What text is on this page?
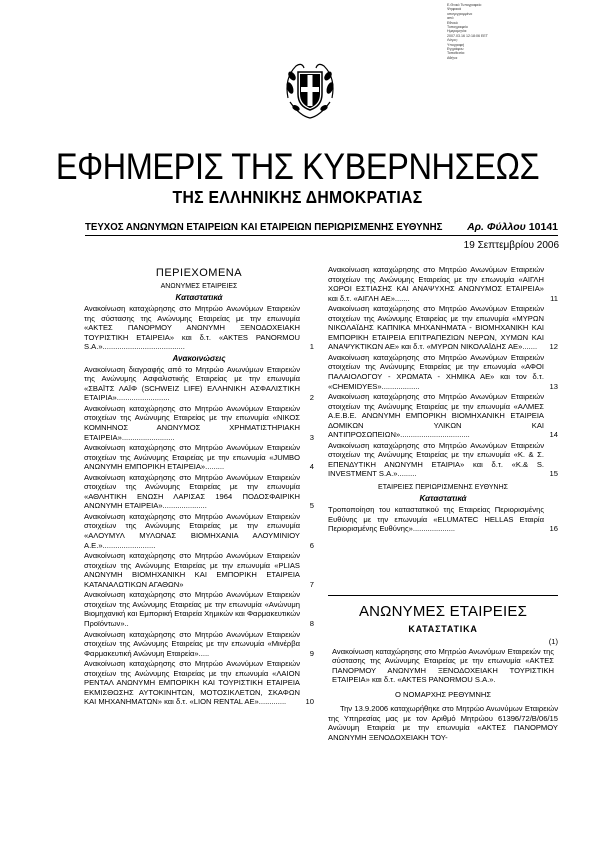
Ε.Θνικό Τυπογραφείο
Ψηφιακά
υπογεγραμμένο
από
Εθνικό
Τυπογραφείο
Ημερομηνία:
2007.03.16 12:18:06 EET
Λόγος:
Υπογραφή
Εγγράφου
Τοποθεσία:
Αθήνα
ΕΦΗΜΕΡΙΣ ΤΗΣ ΚΥΒΕΡΝΗΣΕΩΣ
ΤΗΣ ΕΛΛΗΝΙΚΗΣ ΔΗΜΟΚΡΑΤΙΑΣ
ΤΕΥΧΟΣ ΑΝΩΝΥΜΩΝ ΕΤΑΙΡΕΙΩΝ ΚΑΙ ΕΤΑΙΡΕΙΩΝ ΠΕΡΙΩΡΙΣΜΕΝΗΣ ΕΥΘΥΝΗΣ Αρ. Φύλλου 10141
19 Σεπτεμβρίου 2006
ΠΕΡΙΕΧΟΜΕΝΑ
ΑΝΩΝΥΜΕΣ ΕΤΑΙΡΕΙΕΣ
Καταστατικά
Ανακοίνωση καταχώρησης στο Μητρώο Ανωνύμων Εταιρειών της σύστασης της Ανώνυμης Εταιρείας με την επωνυμία «ΑΚΤΕΣ ΠΑΝΟΡΜΟΥ ΑΝΩΝΥΜΗ ΞΕΝΟΔΟΧΕΙΑΚΗ ΤΟΥΡΙΣΤΙΚΗ ΕΤΑΙΡΕΙΑ» και δ.τ. «AKTES PANORMOU S.A.».......................................	1
Ανακοινώσεις
Ανακοίνωση διαγραφής από το Μητρώο Ανωνύμων Εταιρειών της Ανώνυμης Ασφαλιστικής Εταιρείας με την επωνυμία «ΣΒΑΪΤΣ ΛΑΪΦ (SCHWEIZ LIFE) ΕΛΛΗΝΙΚΗ ΑΣΦΑΛΙΣΤΙΚΗ ΕΤΑΙΡΙΑ».........................	2
Ανακοίνωση καταχώρησης στο Μητρώο Ανωνύμων Εταιρειών στοιχείων της Ανώνυμης Εταιρείας με την επωνυμία «ΝΙΚΟΣ ΚΟΜΝΗΝΟΣ ΑΝΩΝΥΜΟΣ ΧΡΗΜΑΤΙΣΤΗΡΙΑΚΗ ΕΤΑΙΡΕΙΑ».........................	3
Ανακοίνωση καταχώρησης στο Μητρώο Ανωνύμων Εταιρειών στοιχείων της Ανώνυμης Εταιρείας με την επωνυμία «JUMBO ΑΝΩΝΥΜΗ ΕΜΠΟΡΙΚΗ ΕΤΑΙΡΕΙΑ».........	4
Ανακοίνωση καταχώρησης στο Μητρώο Ανωνύμων Εταιρειών στοιχείων της Ανώνυμης Εταιρείας με την επωνυμία «ΑΘΛΗΤΙΚΗ ΕΝΩΣΗ ΛΑΡΙΣΑΣ 1964 ΠΟΔΟΣΦΑΙΡΙΚΗ ΑΝΩΝΥΜΗ ΕΤΑΙΡΕΙΑ».....................	5
Ανακοίνωση καταχώρησης στο Μητρώο Ανωνύμων Εταιρειών στοιχείων της Ανώνυμης Εταιρείας με την επωνυμία «ΑΛΟΥΜΥΛ ΜΥΛΩΝΑΣ ΒΙΟΜΗΧΑΝΙΑ ΑΛΟΥΜΙΝΙΟΥ Α.Ε.».........................	6
Ανακοίνωση καταχώρησης στο Μητρώο Ανωνύμων Εταιρειών στοιχείων της Ανώνυμης Εταιρείας με την επωνυμία «PLIAS ΑΝΩΝΥΜΗ ΒΙΟΜΗΧΑΝΙΚΗ ΚΑΙ ΕΜΠΟΡΙΚΗ ΕΤΑΙΡΕΙΑ ΚΑΤΑΝΑΛΩΤΙΚΩΝ ΑΓΑΘΩΝ»	7
Ανακοίνωση καταχώρησης στο Μητρώο Ανωνύμων Εταιρειών στοιχείων της Ανώνυμης Εταιρείας με την επωνυμία «Ανώνυμη Βιομηχανική και Εμπορική Εταιρεία Χημικών και Φαρμακευτικών Προϊόντων»..	8
Ανακοίνωση καταχώρησης στο Μητρώο Ανωνύμων Εταιρειών στοιχείων της Ανώνυμης Εταιρείας με την επωνυμία «Μινέρβα Φαρμακευτική Ανώνυμη Εταιρεία».....	9
Ανακοίνωση καταχώρησης στο Μητρώο Ανωνύμων Εταιρειών στοιχείων της Ανώνυμης Εταιρείας με την επωνυμία «ΛΑΙΟΝ ΡΕΝΤΑΛ ΑΝΩΝΥΜΗ ΕΜΠΟΡΙΚΗ ΚΑΙ ΤΟΥΡΙΣΤΙΚΗ ΕΤΑΙΡΕΙΑ ΕΚΜΙΣΘΩΣΗΣ ΑΥΤΟΚΙΝΗΤΩΝ, ΜΟΤΟΣΙΚΛΕΤΩΝ, ΣΚΑΦΩΝ ΚΑΙ ΜΗΧΑΝΗΜΑΤΩΝ» και δ.τ. «LION RENTAL AE».............	10
Ανακοίνωση καταχώρησης στο Μητρώο Ανωνύμων Εταιρειών στοιχείων της Ανώνυμης Εταιρείας με την επωνυμία «ΑΙΓΛΗ ΧΩΡΟΙ ΕΣΤΙΑΣΗΣ ΚΑΙ ΑΝΑΨΥΧΗΣ ΑΝΩΝΥΜΟΣ ΕΤΑΙΡΕΙΑ» και δ.τ. «ΑΙΓΛΗ ΑΕ».......	11
Ανακοίνωση καταχώρησης στο Μητρώο Ανωνύμων Εταιρειών στοιχείων της Ανώνυμης Εταιρείας με την επωνυμία «ΜΥΡΩΝ ΝΙΚΟΛΑΪΔΗΣ ΚΑΠΝΙΚΑ ΜΗΧΑΝΗΜΑΤΑ - ΒΙΟΜΗΧΑΝΙΚΗ ΚΑΙ ΕΜΠΟΡΙΚΗ ΕΤΑΙΡΕΙΑ ΕΠΙΤΡΑΠΕΖΙΩΝ ΝΕΡΩΝ, ΧΥΜΩΝ ΚΑΙ ΑΝΑΨΥΚΤΙΚΩΝ ΑΕ» και δ.τ. «ΜΥΡΩΝ ΝΙΚΟΛΑΪΔΗΣ ΑΕ».......	12
Ανακοίνωση καταχώρησης στο Μητρώο Ανωνύμων Εταιρειών στοιχείων της Ανώνυμης Εταιρείας με την επωνυμία «ΑΦΟΙ ΠΑΛΑΙΟΛΟΓΟΥ - ΧΡΩΜΑΤΑ - ΧΗΜΙΚΑ ΑΕ» και τον δ.τ. «CHEMIDYES»..................	13
Ανακοίνωση καταχώρησης στο Μητρώο Ανωνύμων Εταιρειών στοιχείων της Ανώνυμης Εταιρείας με την επωνυμία «ΑΛΜΕΣ Α.Ε.Β.Ε. ΑΝΩΝΥΜΗ ΕΜΠΟΡΙΚΗ ΒΙΟΜΗΧΑΝΙΚΗ ΕΤΑΙΡΕΙΑ ΔΟΜΙΚΩΝ ΥΛΙΚΩΝ ΚΑΙ ΑΝΤΙΠΡΟΣΩΠΕΙΩΝ».................................	14
Ανακοίνωση καταχώρησης στο Μητρώο Ανωνύμων Εταιρειών στοιχείων της Ανώνυμης Εταιρείας με την επωνυμία «Κ. & Σ. ΕΠΕΝΔΥΤΙΚΗ ΑΝΩΝΥΜΗ ΕΤΑΙΡΙΑ» και δ.τ. «K.& S. INVESTMENT S.A.».........	15
ΕΤΑΙΡΕΙΕΣ ΠΕΡΙΩΡΙΣΜΕΝΗΣ ΕΥΘΥΝΗΣ
Καταστατικά
Τροποποίηση του καταστατικού της Εταιρείας Περιορισμένης Ευθύνης με την επωνυμία «ELUMATEC HELLAS Εταιρία Περιορισμένης Ευθύνης»....................	16
ΑΝΩΝΥΜΕΣ ΕΤΑΙΡΕΙΕΣ
ΚΑΤΑΣΤΑΤΙΚΑ
(1)
Ανακοίνωση καταχώρησης στο Μητρώο Ανωνύμων Εταιρειών της σύστασης της Ανώνυμης Εταιρείας με την επωνυμία «ΑΚΤΕΣ ΠΑΝΟΡΜΟΥ ΑΝΩΝΥΜΗ ΞΕΝΟΔΟΧΕΙΑΚΗ ΤΟΥΡΙΣΤΙΚΗ ΕΤΑΙΡΕΙΑ» και δ.τ. «AKTES PANORMOU S.A.».
Ο ΝΟΜΑΡΧΗΣ ΡΕΘΥΜΝΗΣ
Την 13.9.2006 καταχωρήθηκε στο Μητρώο Ανωνύμων Εταιρειών της Υπηρεσίας μας με τον Αριθμό Μητρώου 61396/72/Β/06/15 Ανώνυμη Εταιρεία με την επωνυμία «ΑΚΤΕΣ ΠΑΝΟΡΜΟΥ ΑΝΩΝΥΜΗ ΞΕΝΟΔΟΧΕΙΑΚΗ ΤΟΥ-
